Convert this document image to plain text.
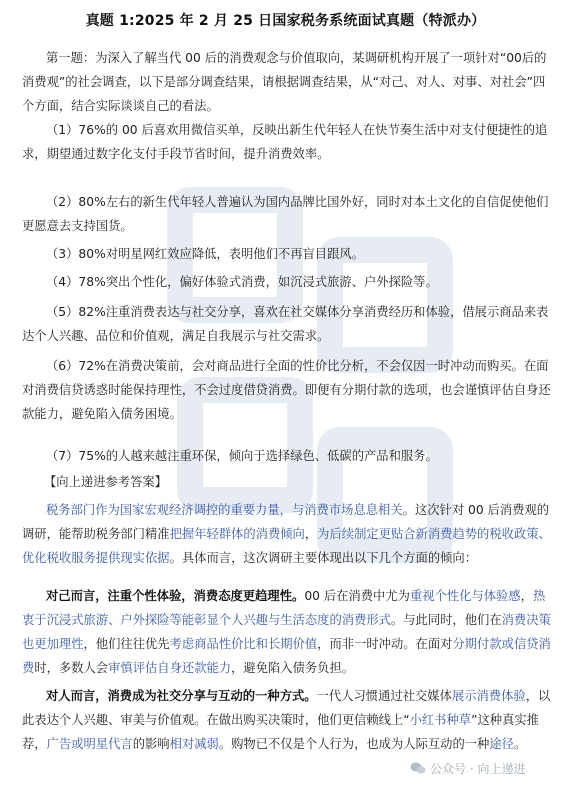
真题 1:2025 年 2 月 25 日国家税务系统面试真题（特派办）
第一题：为深入了解当代 00 后的消费观念与价值取向，某调研机构开展了一项针对“00后的消费观”的社会调查，以下是部分调查结果，请根据调查结果，从“对己、对人、对事、对社会”四个方面，结合实际谈谈自己的看法。
（1）76%的 00 后喜欢用微信买单，反映出新生代年轻人在快节奏生活中对支付便捷性的追求，期望通过数字化支付手段节省时间，提升消费效率。
（2）80%左右的新生代年轻人普遍认为国内品牌比国外好，同时对本土文化的自信促使他们更愿意去支持国货。
（3）80%对明星网红效应降低，表明他们不再盲目跟风。
（4）78%突出个性化，偏好体验式消费，如沉浸式旅游、户外探险等。
（5）82%注重消费表达与社交分享，喜欢在社交媒体分享消费经历和体验，借展示商品来表达个人兴趣、品位和价值观，满足自我展示与社交需求。
（6）72%在消费决策前，会对商品进行全面的性价比分析，不会仅因一时冲动而购买。在面对消费信贷诱惑时能保持理性，不会过度借贷消费。即便有分期付款的选项，也会谨慎评估自身还款能力，避免陷入债务困境。
（7）75%的人越来越注重环保，倾向于选择绿色、低碳的产品和服务。
【向上递进参考答案】
税务部门作为国家宏观经济调控的重要力量，与消费市场息息相关。这次针对 00 后消费观的调研，能帮助税务部门精准把握年轻群体的消费倾向，为后续制定更贴合新消费趋势的税收政策、优化税收服务提供现实依据。具体而言，这次调研主要体现出以下几个方面的倾向：
对己而言，注重个性体验，消费态度更趋理性。00 后在消费中尤为重视个性化与体验感，热衷于沉浸式旅游、户外探险等能彰显个人兴趣与生活态度的消费形式。与此同时，他们在消费决策也更加理性，他们往往优先考虑商品性价比和长期价值，而非一时冲动。在面对分期付款或信贷消费时，多数人会审慎评估自身还款能力，避免陷入债务负担。
对人而言，消费成为社交分享与互动的一种方式。一代人习惯通过社交媒体展示消费体验，以此表达个人兴趣、审美与价值观。在做出购买决策时，他们更信赖线上“小红书种草”这种真实推荐，广告或明星代言的影响相对减弱。购物已不仅是个人行为，也成为人际互动的一种途径。
公众号 · 向上递进
